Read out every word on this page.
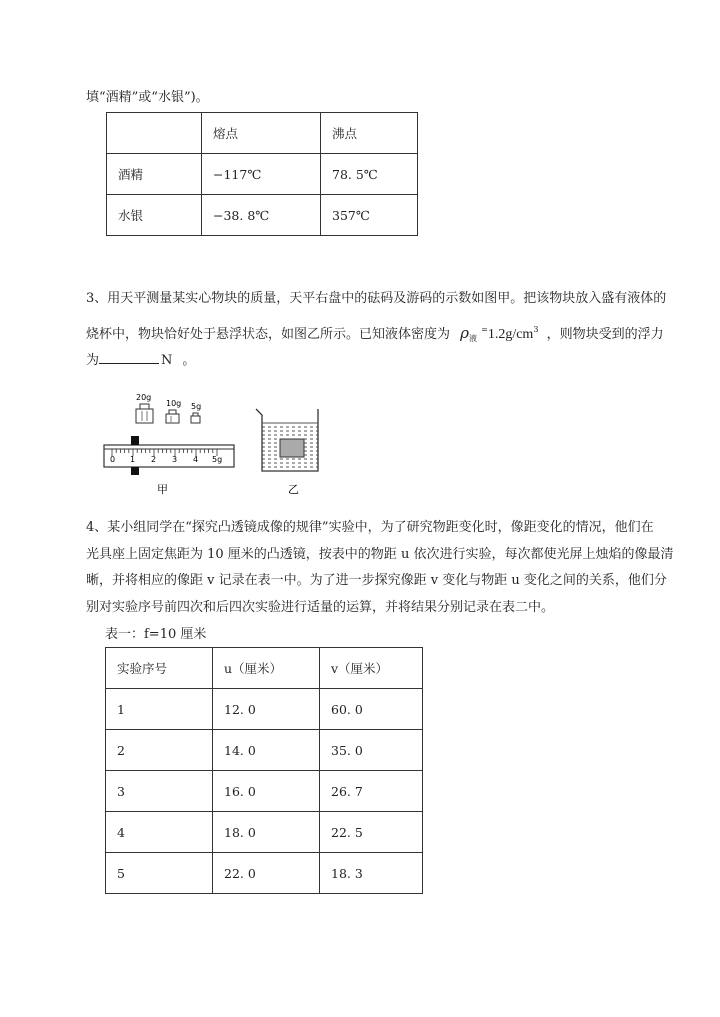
填“酒精”或“水银”)。
	熔点	沸点
酒精	−117℃	78. 5℃
水银	−38. 8℃	357℃
3、用天平测量某实心物块的质量，天平右盘中的砝码及游码的示数如图甲。把该物块放入盛有液体的
烧杯中，物块恰好处于悬浮状态，如图乙所示。已知液体密度为 $\rho_液$ $^=1.2g/cm^3$ ，则物块受到的浮力
为	N 。
20g
10g 5g
0 1 2 3 4 5g
甲	乙
4、某小组同学在“探究凸透镜成像的规律”实验中，为了研究物距变化时，像距变化的情况，他们在
光具座上固定焦距为 10 厘米的凸透镜，按表中的物距 u 依次进行实验，每次都使光屏上烛焰的像最清
晰，并将相应的像距 v 记录在表一中。为了进一步探究像距 v 变化与物距 u 变化之间的关系，他们分
别对实验序号前四次和后四次实验进行适量的运算，并将结果分别记录在表二中。
表一：f=10 厘米
实验序号	u（厘米）	v（厘米）
1	12. 0	60. 0
2	14. 0	35. 0
3	16. 0	26. 7
4	18. 0	22. 5
5	22. 0	18. 3
